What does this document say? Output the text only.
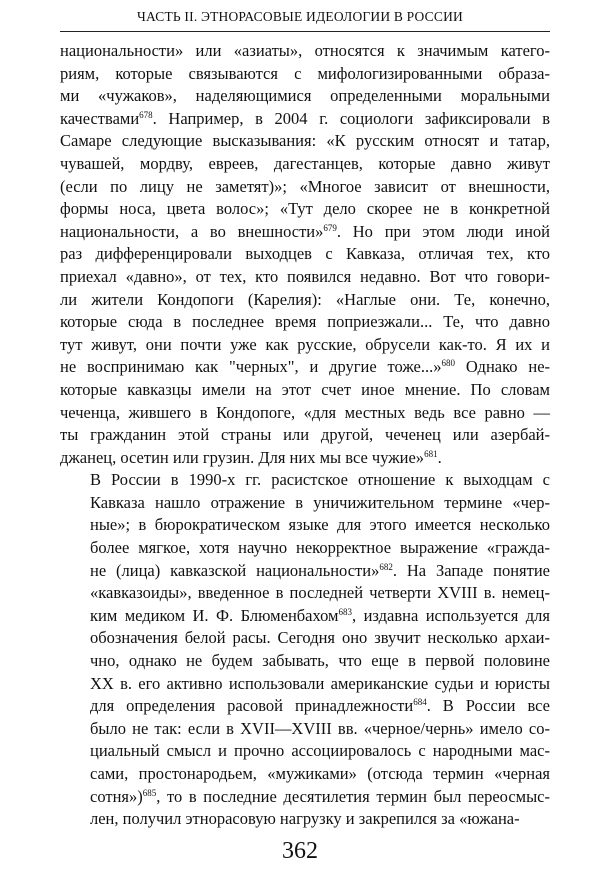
ЧАСТЬ II. ЭТНОРАСОВЫЕ ИДЕОЛОГИИ В РОССИИ

национальности» или «азиаты», относятся к значимым катего-
риям, которые связываются с мифологизированными образа-
ми «чужаков», наделяющимися определенными моральными
качествами$^{678}$. Например, в 2004 г. социологи зафиксировали в
Самаре следующие высказывания: «К русским относят и татар,
чувашей, мордву, евреев, дагестанцев, которые давно живут
(если по лицу не заметят)»; «Многое зависит от внешности,
формы носа, цвета волос»; «Тут дело скорее не в конкретной
национальности, а во внешности»$^{679}$. Но при этом люди иной
раз дифференцировали выходцев с Кавказа, отличая тех, кто
приехал «давно», от тех, кто появился недавно. Вот что говори-
ли жители Кондопоги (Карелия): «Наглые они. Те, конечно,
которые сюда в последнее время поприезжали... Те, что давно
тут живут, они почти уже как русские, обрусели как-то. Я их и
не воспринимаю как "черных", и другие тоже...»$^{680}$ Однако не-
которые кавказцы имели на этот счет иное мнение. По словам
чеченца, жившего в Кондопоге, «для местных ведь все равно —
ты гражданин этой страны или другой, чеченец или азербай-
джанец, осетин или грузин. Для них мы все чужие»$^{681}$.

В России в 1990-х гг. расистское отношение к выходцам с
Кавказа нашло отражение в уничижительном термине «чер-
ные»; в бюрократическом языке для этого имеется несколько
более мягкое, хотя научно некорректное выражение «гражда-
не (лица) кавказской национальности»$^{682}$. На Западе понятие
«кавказоиды», введенное в последней четверти XVIII в. немец-
ким медиком И. Ф. Блюменбахом$^{683}$, издавна используется для
обозначения белой расы. Сегодня оно звучит несколько архаи-
чно, однако не будем забывать, что еще в первой половине
XX в. его активно использовали американские судьи и юристы
для определения расовой принадлежности$^{684}$. В России все
было не так: если в XVII—XVIII вв. «черное/чернь» имело со-
циальный смысл и прочно ассоциировалось с народными мас-
сами, простонародьем, «мужиками» (отсюда термин «черная
сотня»)$^{685}$, то в последние десятилетия термин был переосмыс-
лен, получил этнорасовую нагрузку и закрепился за «южана-

362
